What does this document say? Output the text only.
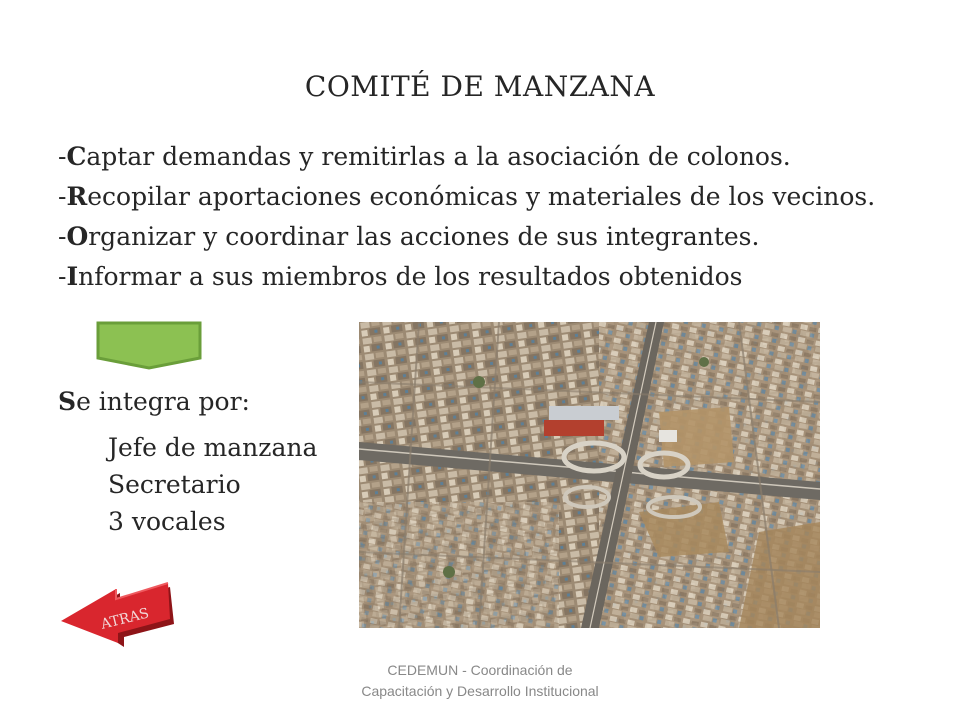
COMITÉ DE MANZANA
-Captar demandas y remitirlas a la asociación de colonos.
-Recopilar aportaciones económicas y materiales de los vecinos.
-Organizar y coordinar las acciones de sus integrantes.
-Informar a sus miembros de los resultados obtenidos

Se integra por:

Jefe de manzana
Secretario
3 vocales
ATRAS
CEDEMUN - Coordinación de
Capacitación y Desarrollo Institucional
